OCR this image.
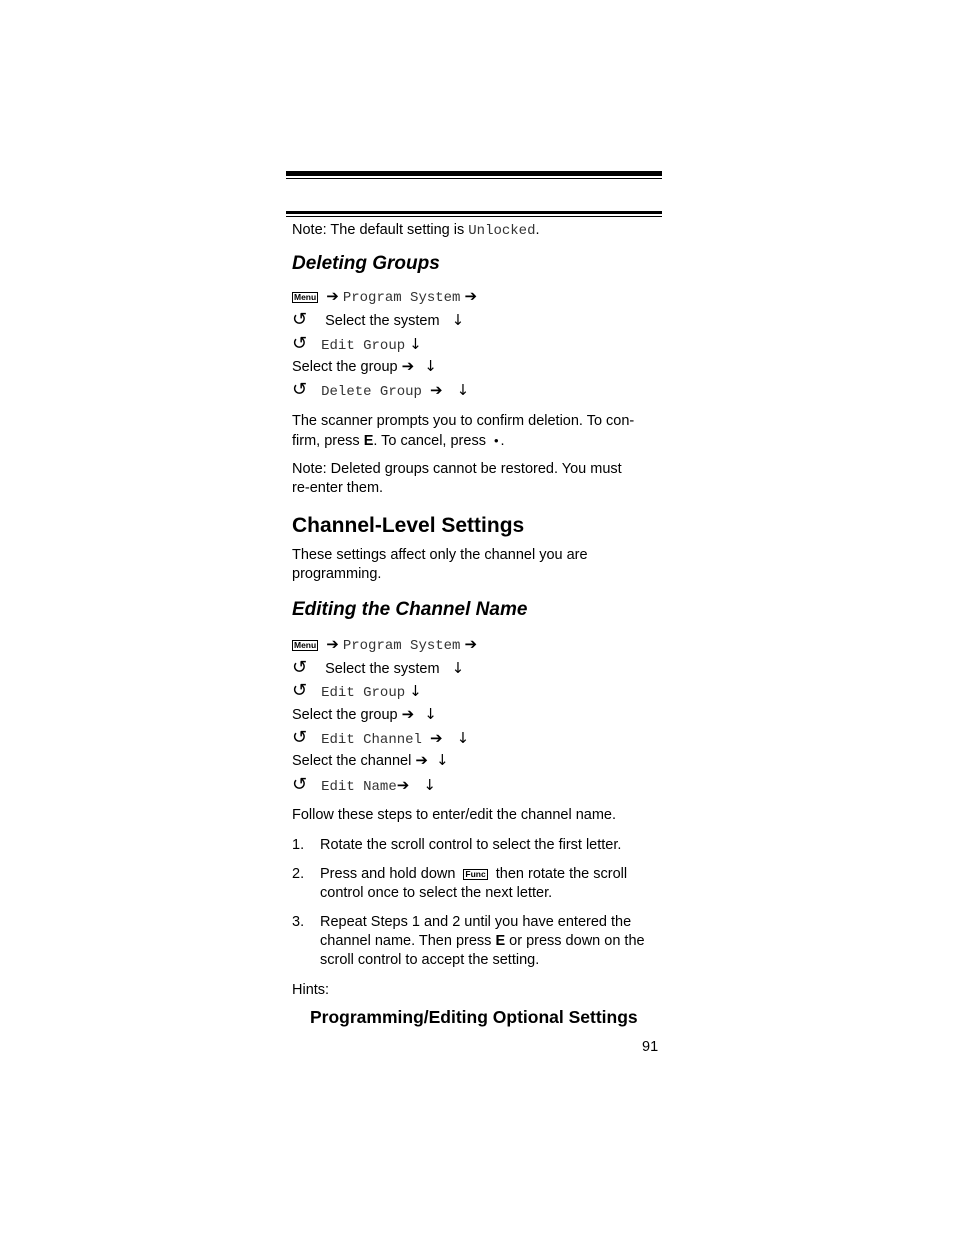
Note: The default setting is Unlocked.
Deleting Groups
Menu ➔ Program System ➔
↺ Select the system ↓
↺ Edit Group ↓
Select the group ➔ ↓
↺ Delete Group ➔ ↓
The scanner prompts you to confirm deletion. To con-
firm, press E. To cancel, press • .
Note: Deleted groups cannot be restored. You must
re-enter them.
Channel-Level Settings
These settings affect only the channel you are
programming.
Editing the Channel Name
Menu ➔ Program System ➔
↺ Select the system ↓
↺ Edit Group ↓
Select the group ➔ ↓
↺ Edit Channel ➔ ↓
Select the channel ➔ ↓
↺ Edit Name➔ ↓
Follow these steps to enter/edit the channel name.
1. Rotate the scroll control to select the first letter.
2. Press and hold down Func then rotate the scroll
control once to select the next letter.
3. Repeat Steps 1 and 2 until you have entered the
channel name. Then press E or press down on the
scroll control to accept the setting.
Hints:
Programming/Editing Optional Settings
91
